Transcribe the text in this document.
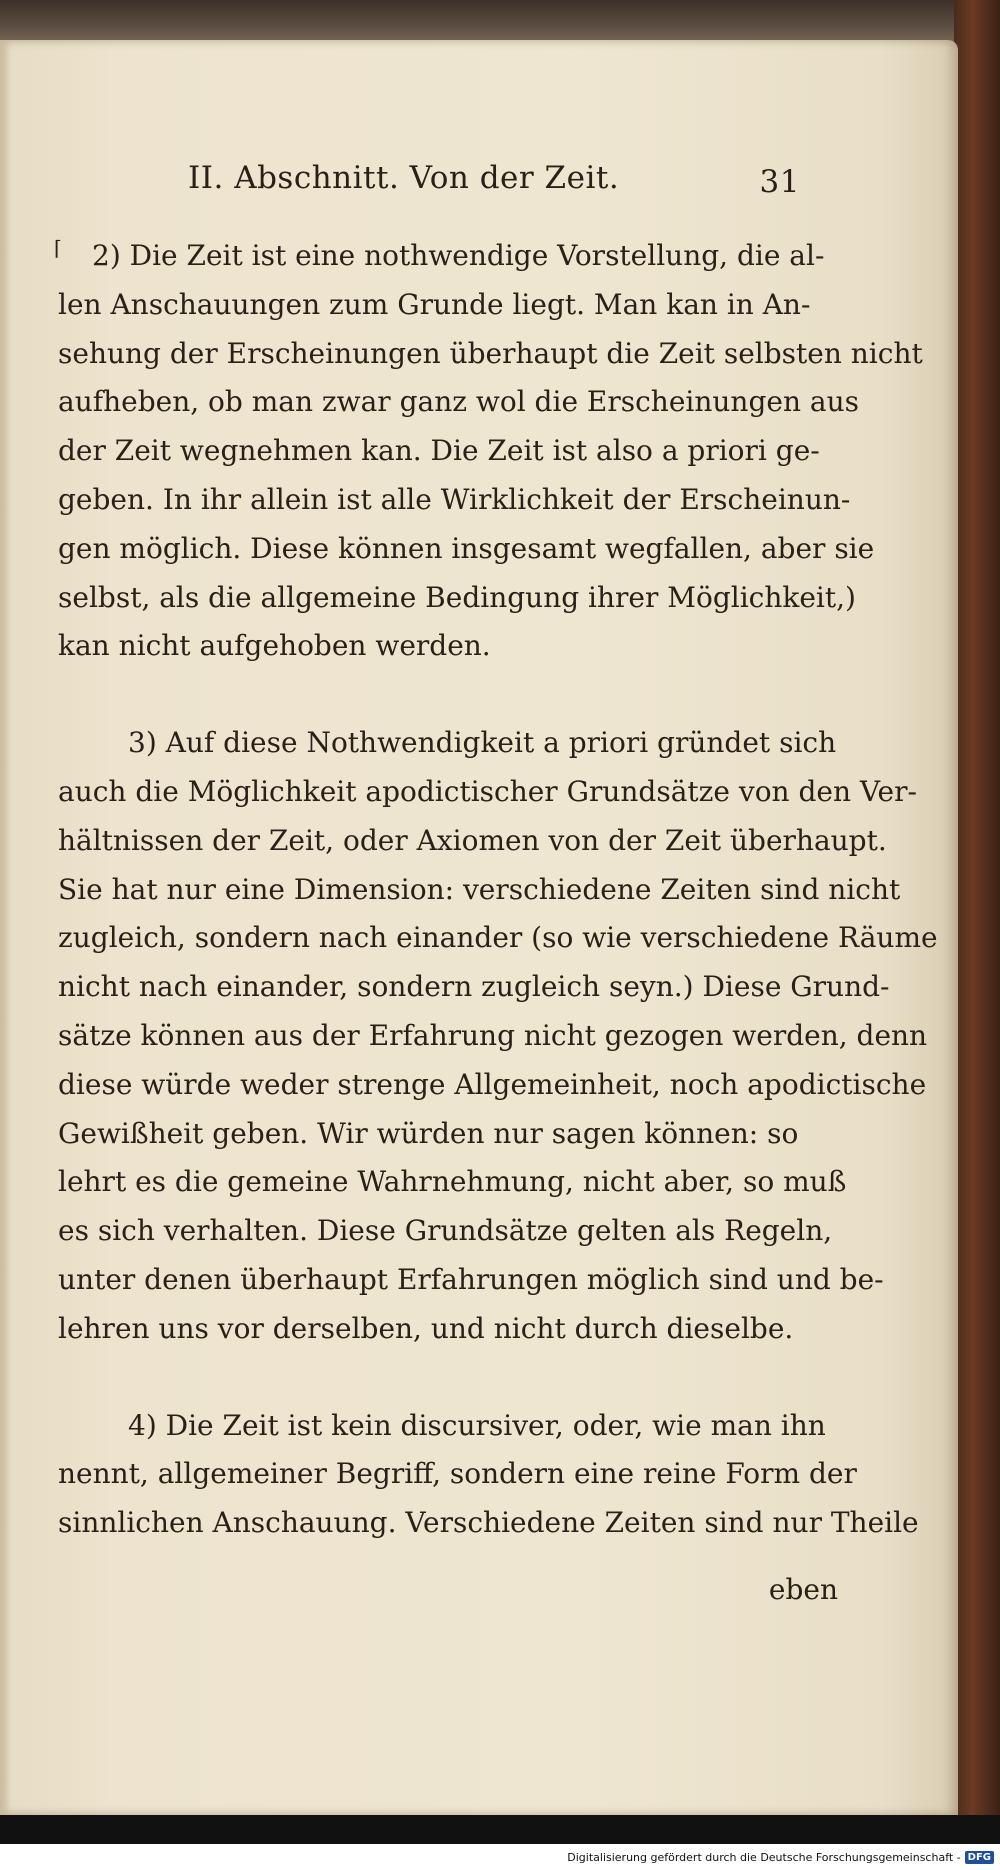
II. Abschnitt. Von der Zeit.	31
⌈ 2) Die Zeit ist eine nothwendige Vorstellung, die al-
len Anschauungen zum Grunde liegt. Man kan in An-
sehung der Erscheinungen überhaupt die Zeit selbsten nicht
aufheben, ob man zwar ganz wol die Erscheinungen aus
der Zeit wegnehmen kan. Die Zeit ist also a priori ge-
geben. In ihr allein ist alle Wirklichkeit der Erscheinun-
gen möglich. Diese können insgesamt wegfallen, aber sie
selbst, als die allgemeine Bedingung ihrer Möglichkeit,)
kan nicht aufgehoben werden.

3) Auf diese Nothwendigkeit a priori gründet sich
auch die Möglichkeit apodictischer Grundsätze von den Ver-
hältnissen der Zeit, oder Axiomen von der Zeit überhaupt.
Sie hat nur eine Dimension: verschiedene Zeiten sind nicht
zugleich, sondern nach einander (so wie verschiedene Räume
nicht nach einander, sondern zugleich seyn.) Diese Grund-
sätze können aus der Erfahrung nicht gezogen werden, denn
diese würde weder strenge Allgemeinheit, noch apodictische
Gewißheit geben. Wir würden nur sagen können: so
lehrt es die gemeine Wahrnehmung, nicht aber, so muß
es sich verhalten. Diese Grundsätze gelten als Regeln,
unter denen überhaupt Erfahrungen möglich sind und be-
lehren uns vor derselben, und nicht durch dieselbe.

4) Die Zeit ist kein discursiver, oder, wie man ihn
nennt, allgemeiner Begriff, sondern eine reine Form der
sinnlichen Anschauung. Verschiedene Zeiten sind nur Theile

eben
Digitalisierung gefördert durch die Deutsche Forschungsgemeinschaft - DFG
